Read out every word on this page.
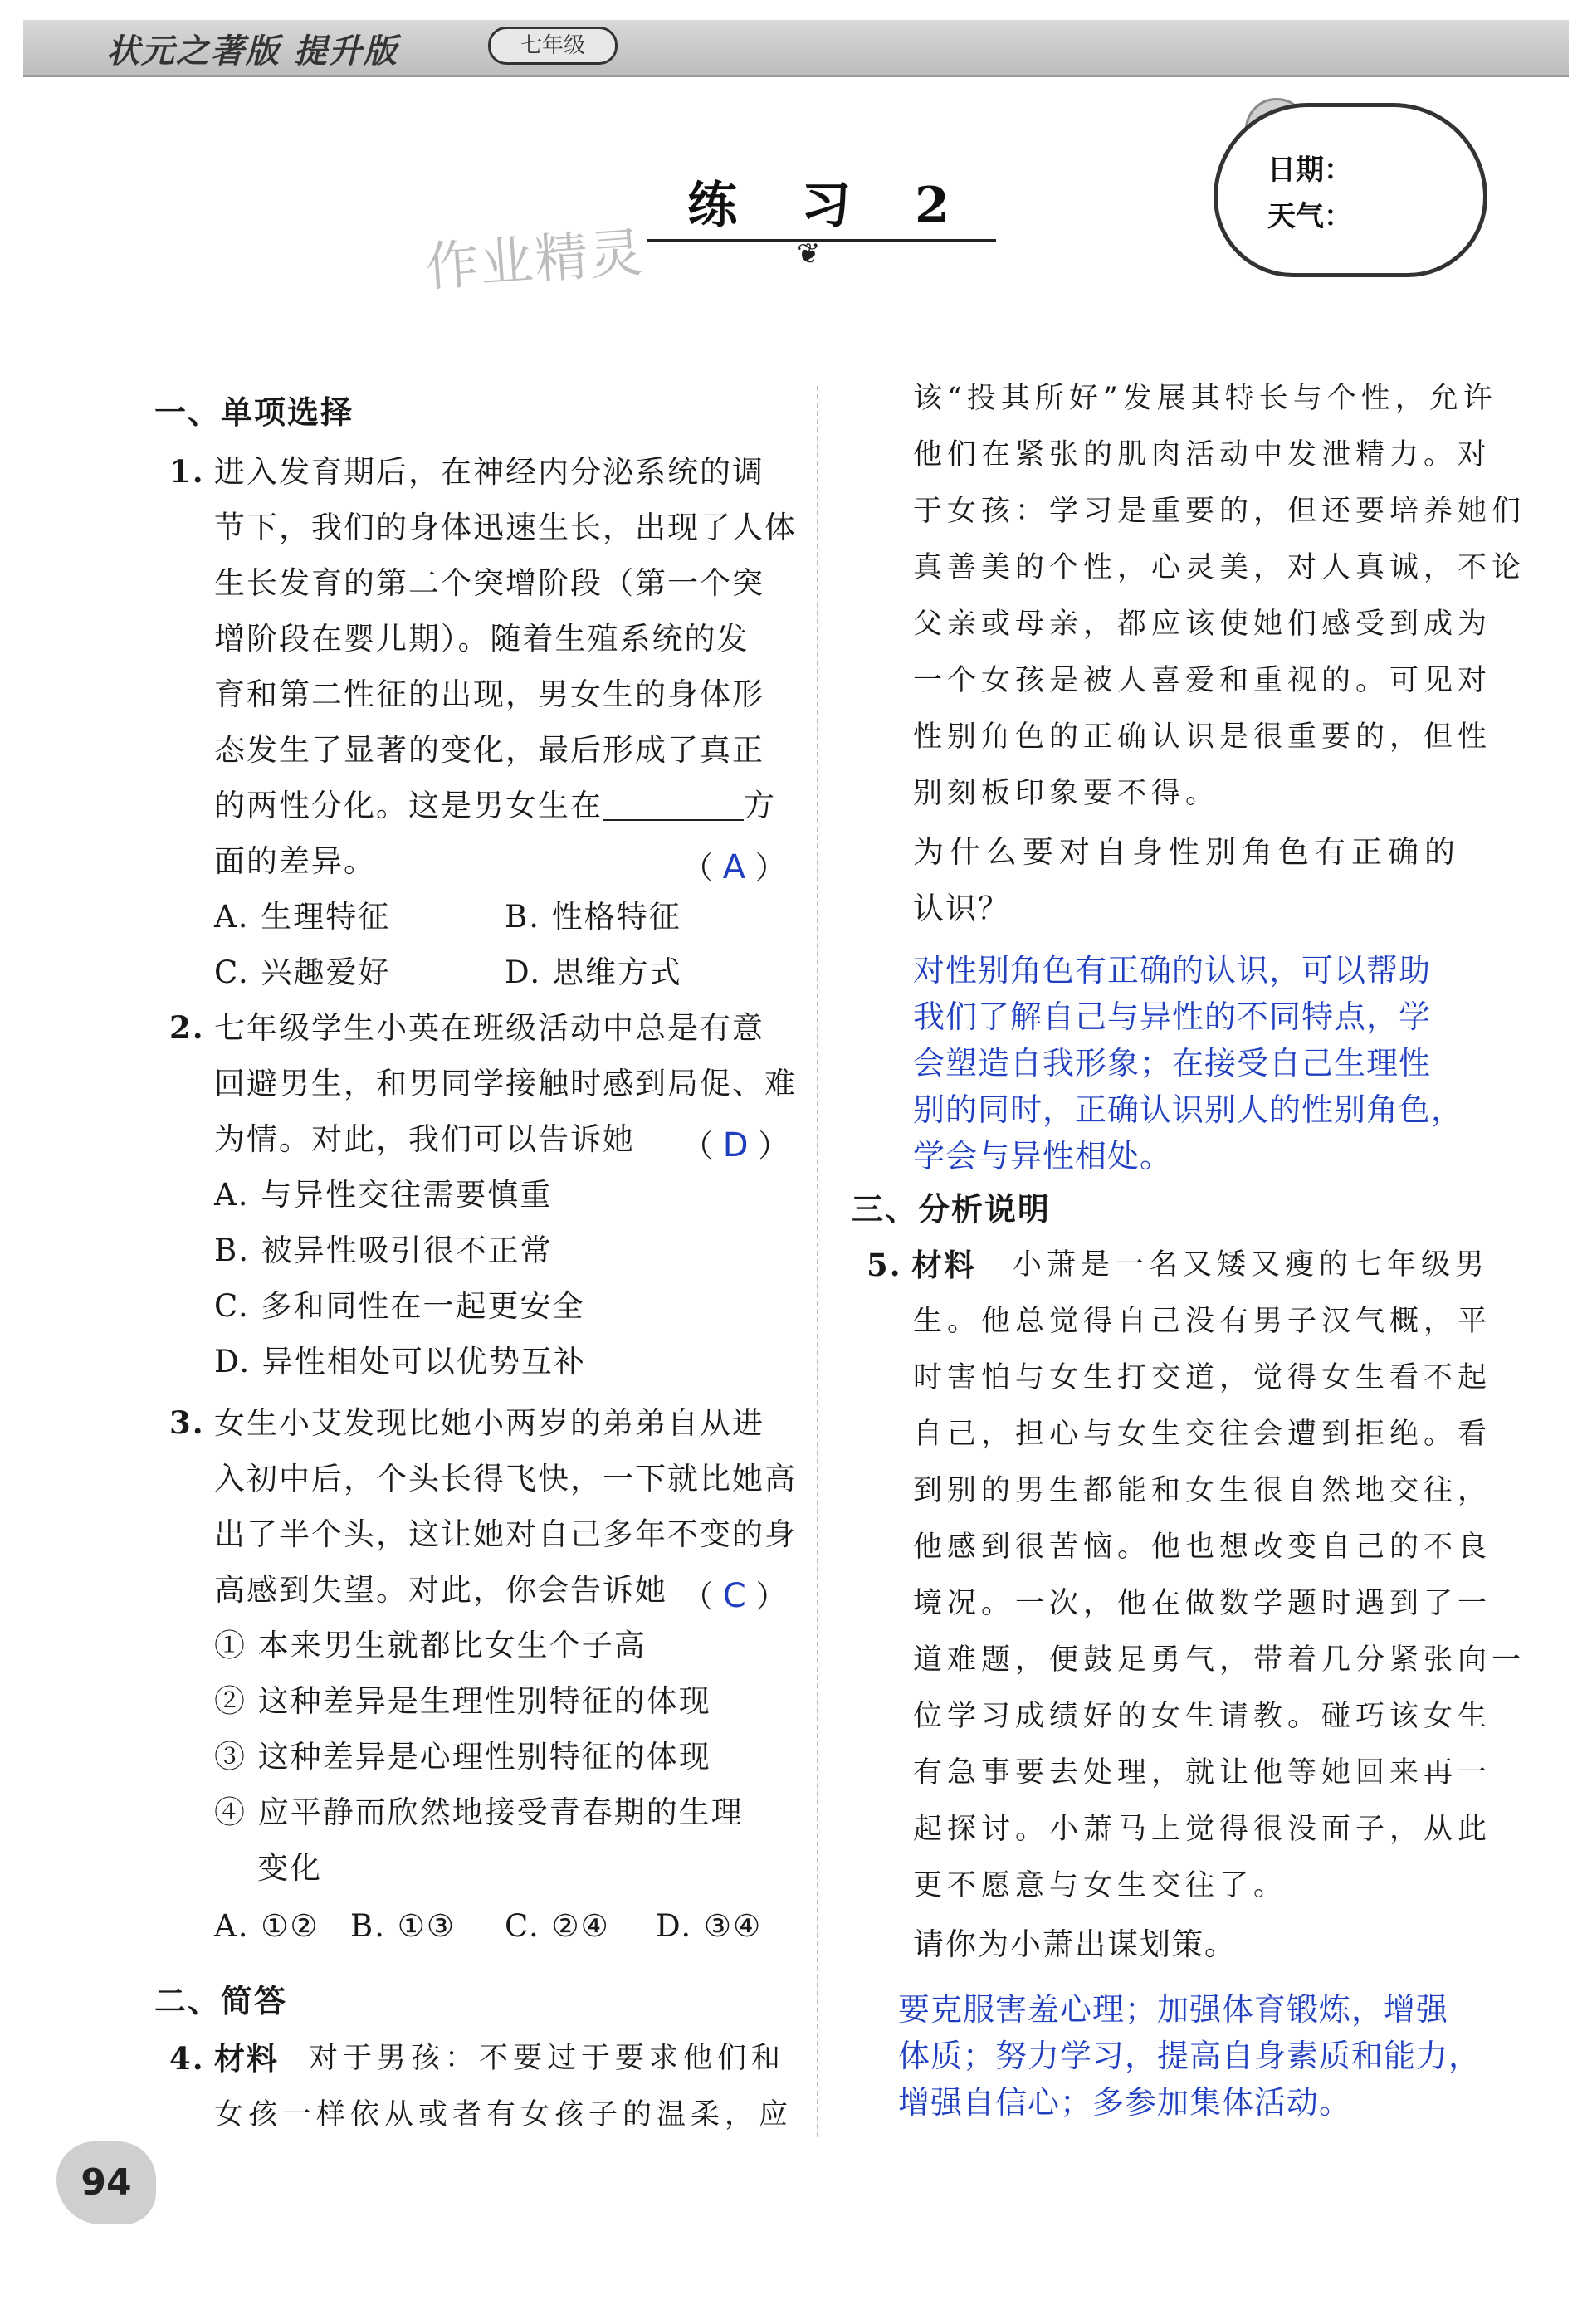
状元之著版 提升版	七年级
作业精灵
练 习 2
❦
日期：
天气：
一、单项选择
1. 进入发育期后，在神经内分泌系统的调
节下，我们的身体迅速生长，出现了人体
生长发育的第二个突增阶段（第一个突
增阶段在婴儿期）。随着生殖系统的发
育和第二性征的出现，男女生的身体形
态发生了显著的变化，最后形成了真正
的两性分化。这是男女生在	方
面的差异。	（ A ）
A. 生理特征	B. 性格特征
C. 兴趣爱好	D. 思维方式
2. 七年级学生小英在班级活动中总是有意
回避男生，和男同学接触时感到局促、难
为情。对此，我们可以告诉她 （ D ）
A. 与异性交往需要慎重
B. 被异性吸引很不正常
C. 多和同性在一起更安全
D. 异性相处可以优势互补
3. 女生小艾发现比她小两岁的弟弟自从进
入初中后，个头长得飞快，一下就比她高
出了半个头，这让她对自己多年不变的身
高感到失望。对此，你会告诉她 （ C ）
① 本来男生就都比女生个子高
② 这种差异是生理性别特征的体现
③ 这种差异是心理性别特征的体现
④ 应平静而欣然地接受青春期的生理
变化
A. ①② B. ①③ C. ②④ D. ③④
二、简答
4. 材料 对于男孩：不要过于要求他们和
女孩一样依从或者有女孩子的温柔，应
该“投其所好”发展其特长与个性，允许
他们在紧张的肌肉活动中发泄精力。对
于女孩：学习是重要的，但还要培养她们
真善美的个性，心灵美，对人真诚，不论
父亲或母亲，都应该使她们感受到成为
一个女孩是被人喜爱和重视的。可见对
性别角色的正确认识是很重要的，但性
别刻板印象要不得。
为什么要对自身性别角色有正确的
认识？
对性别角色有正确的认识，可以帮助
我们了解自己与异性的不同特点，学
会塑造自我形象；在接受自己生理性
别的同时，正确认识别人的性别角色，
学会与异性相处。
三、分析说明
5. 材料 小萧是一名又矮又瘦的七年级男
生。他总觉得自己没有男子汉气概，平
时害怕与女生打交道，觉得女生看不起
自己，担心与女生交往会遭到拒绝。看
到别的男生都能和女生很自然地交往，
他感到很苦恼。他也想改变自己的不良
境况。一次，他在做数学题时遇到了一
道难题，便鼓足勇气，带着几分紧张向一
位学习成绩好的女生请教。碰巧该女生
有急事要去处理，就让他等她回来再一
起探讨。小萧马上觉得很没面子，从此
更不愿意与女生交往了。
请你为小萧出谋划策。
要克服害羞心理；加强体育锻炼，增强
体质；努力学习，提高自身素质和能力，
增强自信心；多参加集体活动。
94
